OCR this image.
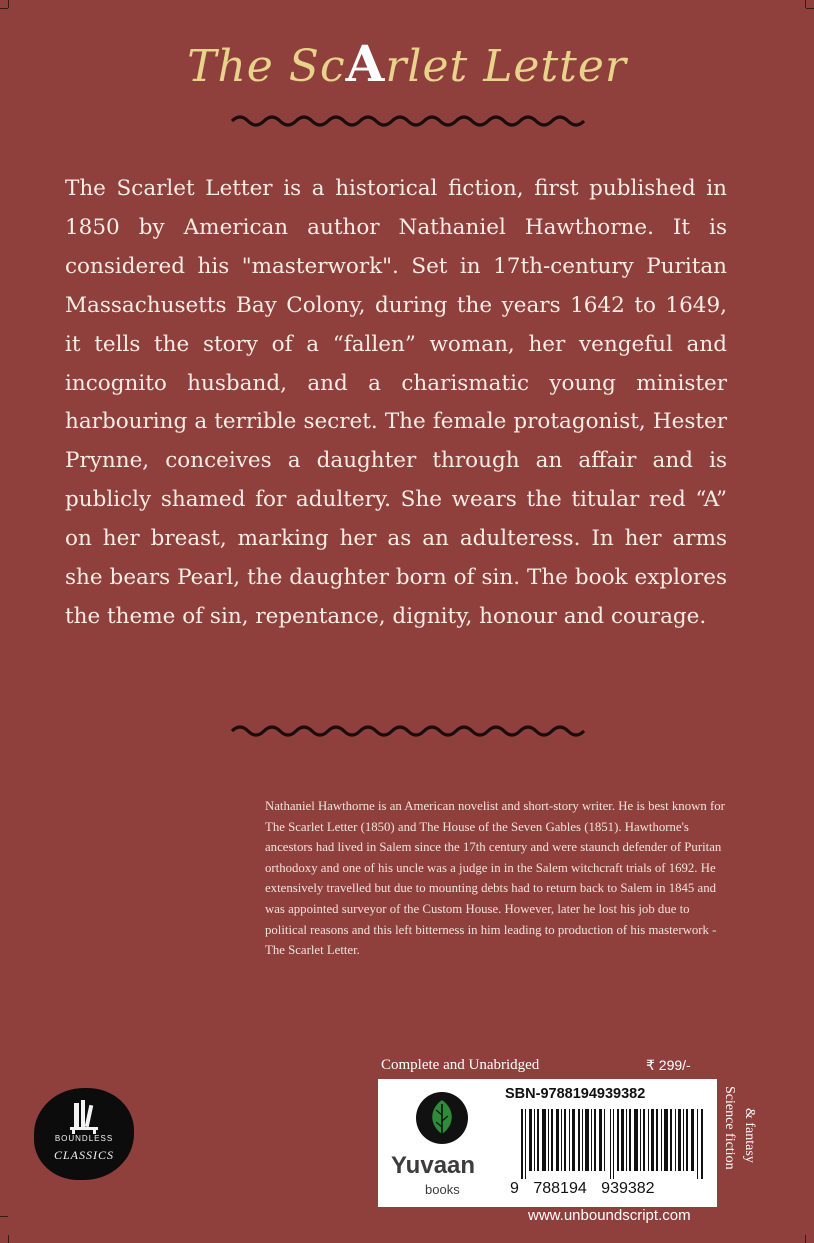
The ScArlet Letter
The Scarlet Letter is a historical fiction, first published in 1850 by American author Nathaniel Hawthorne. It is considered his "masterwork". Set in 17th-century Puritan Massachusetts Bay Colony, during the years 1642 to 1649, it tells the story of a “fallen” woman, her vengeful and incognito husband, and a charismatic young minister harbouring a terrible secret. The female protagonist, Hester Prynne, conceives a daughter through an affair and is publicly shamed for adultery. She wears the titular red “A” on her breast, marking her as an adulteress. In her arms she bears Pearl, the daughter born of sin. The book explores the theme of sin, repentance, dignity, honour and courage.
Nathaniel Hawthorne is an American novelist and short-story writer. He is best known for The Scarlet Letter (1850) and The House of the Seven Gables (1851). Hawthorne's ancestors had lived in Salem since the 17th century and were staunch defender of Puritan orthodoxy and one of his uncle was a judge in in the Salem witchcraft trials of 1692. He extensively travelled but due to mounting debts had to return back to Salem in 1845 and was appointed surveyor of the Custom House. However, later he lost his job due to political reasons and this left bitterness in him leading to production of his masterwork - The Scarlet Letter.
BOUNDLESS
CLASSICS
Complete and Unabridged	₹ 299/-
SBN-9788194939382
Yuvaan
books	9 788194 939382
Science fiction & fantasy
www.unboundscript.com
